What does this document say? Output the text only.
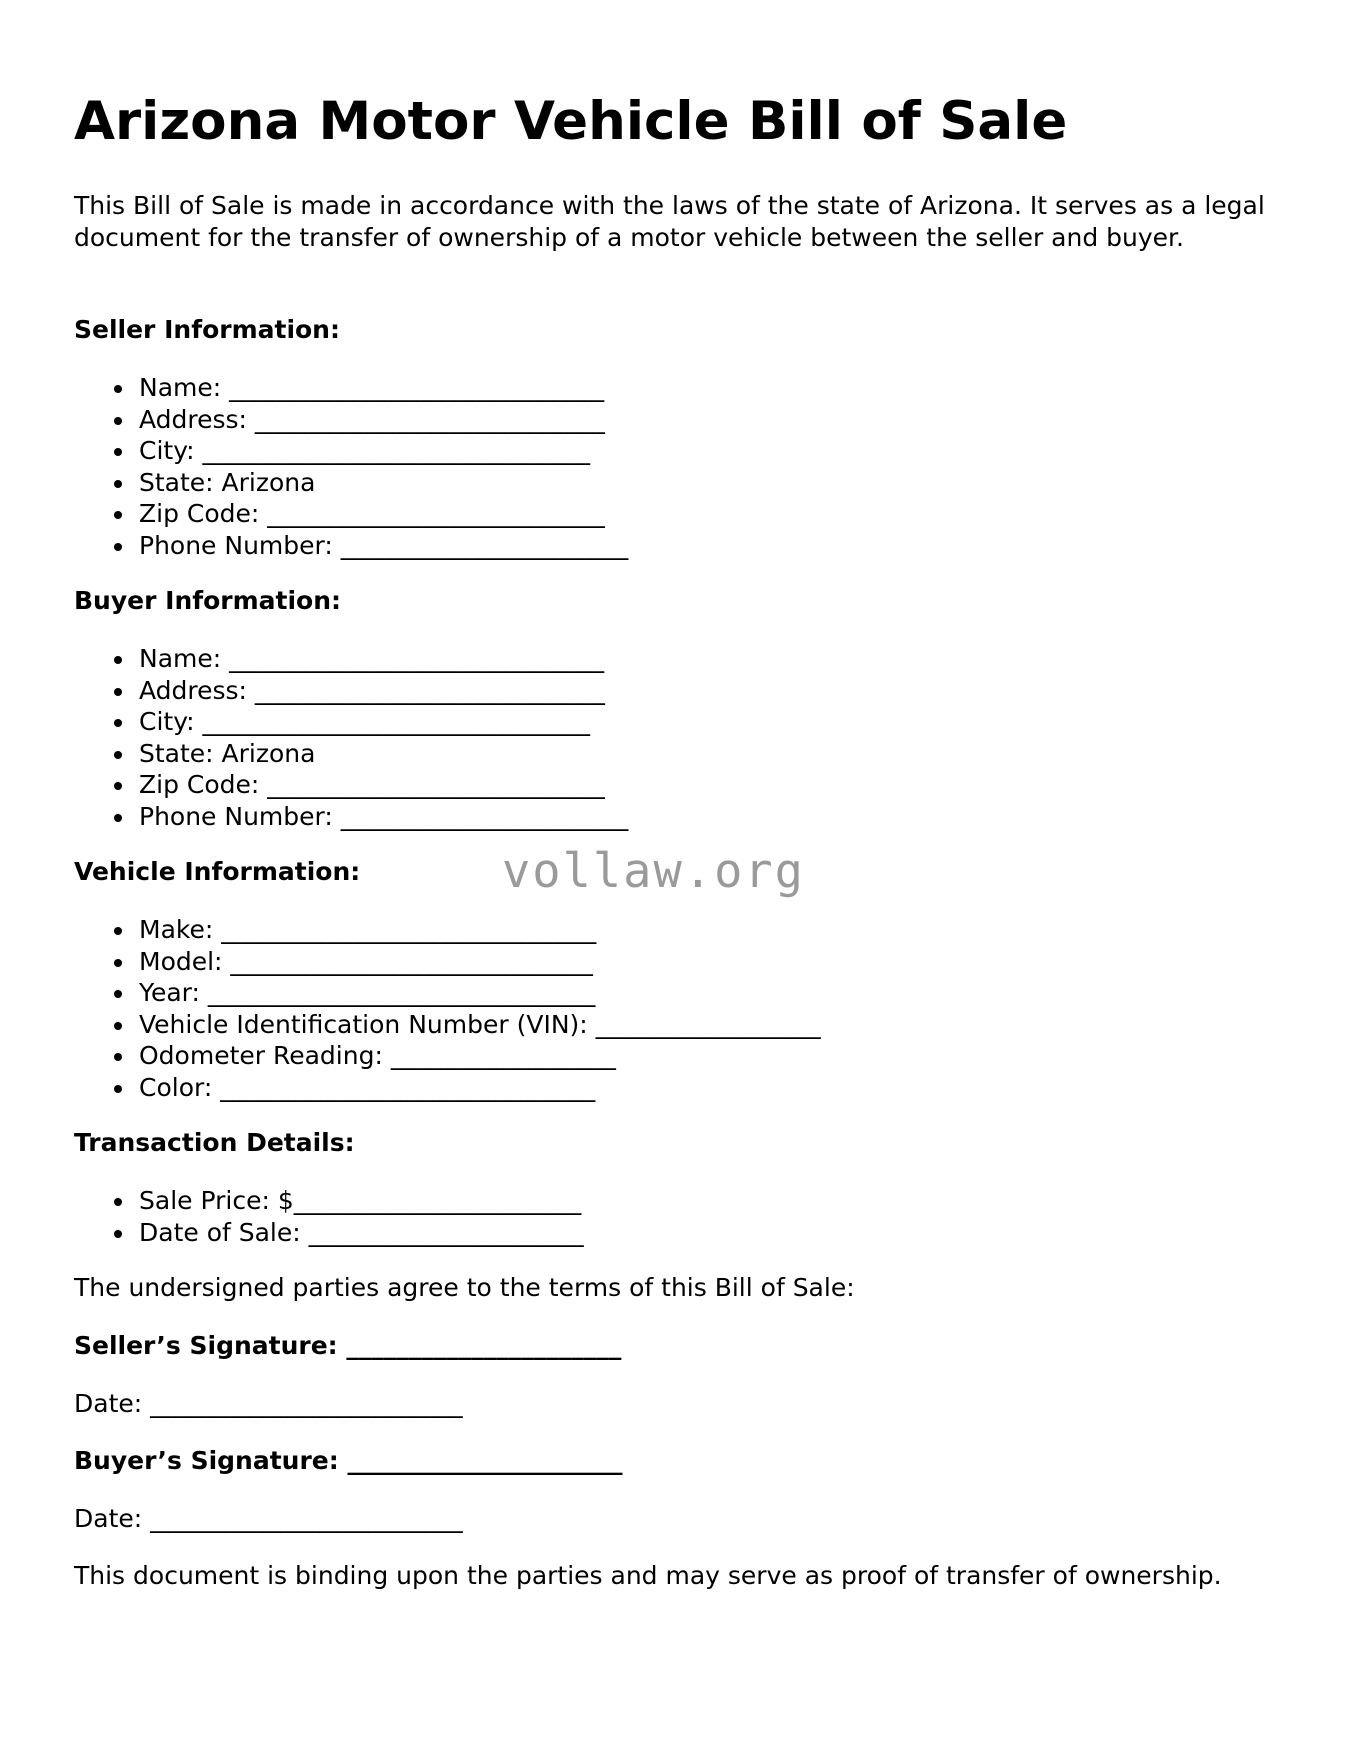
Arizona Motor Vehicle Bill of Sale

This Bill of Sale is made in accordance with the laws of the state of Arizona. It serves as a legal document for the transfer of ownership of a motor vehicle between the seller and buyer.

Seller Information:

Name: ______________________________
Address: ____________________________
City: _______________________________
State: Arizona
Zip Code: ___________________________
Phone Number: _______________________

Buyer Information:

Name: ______________________________
Address: ____________________________
City: _______________________________
State: Arizona
Zip Code: ___________________________
Phone Number: _______________________

Vehicle Information:

Make: ______________________________
Model: _____________________________
Year: _______________________________
Vehicle Identification Number (VIN): __________________
Odometer Reading: __________________
Color: ______________________________

Transaction Details:

Sale Price: $_______________________
Date of Sale: ______________________

The undersigned parties agree to the terms of this Bill of Sale:

Seller’s Signature: ______________________

Date: _________________________

Buyer’s Signature: ______________________

Date: _________________________

This document is binding upon the parties and may serve as proof of transfer of ownership.

vollaw.org
